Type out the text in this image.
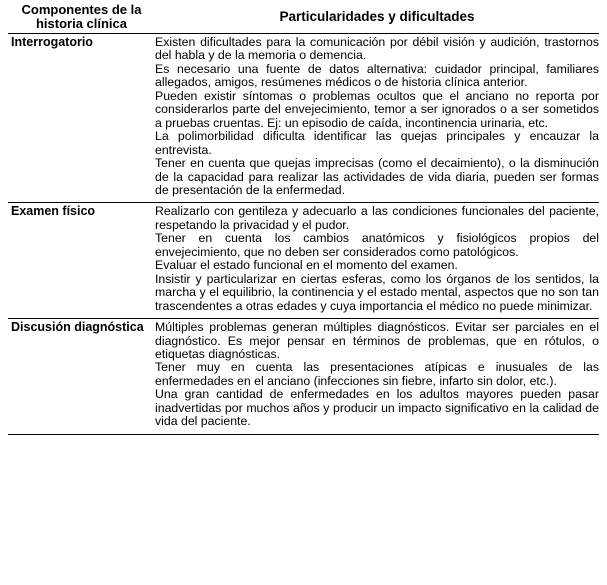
Componentes de la historia clínica	Particularidades y dificultades
Interrogatorio	Existen dificultades para la comunicación por débil visión y audición, trastornos del habla y de la memoria o demencia.

Es necesario una fuente de datos alternativa: cuidador principal, familiares allegados, amigos, resúmenes médicos o de historia clínica anterior.

Pueden existir síntomas o problemas ocultos que el anciano no reporta por considerarlos parte del envejecimiento, temor a ser ignorados o a ser sometidos a pruebas cruentas. Ej: un episodio de caída, incontinencia urinaria, etc.

La polimorbilidad dificulta identificar las quejas principales y encauzar la entrevista.

Tener en cuenta que quejas imprecisas (como el decaimiento), o la disminución de la capacidad para realizar las actividades de vida diaria, pueden ser formas de presentación de la enfermedad.

Examen físico	Realizarlo con gentileza y adecuarlo a las condiciones funcionales del paciente, respetando la privacidad y el pudor.

Tener en cuenta los cambios anatómicos y fisiológicos propios del envejecimiento, que no deben ser considerados como patológicos.

Evaluar el estado funcional en el momento del examen.

Insistir y particularizar en ciertas esferas, como los órganos de los sentidos, la marcha y el equilibrio, la continencia y el estado mental, aspectos que no son tan trascendentes a otras edades y cuya importancia el médico no puede minimizar.

Discusión diagnóstica	Múltiples problemas generan múltiples diagnósticos. Evitar ser parciales en el diagnóstico. Es mejor pensar en términos de problemas, que en rótulos, o etiquetas diagnósticas.

Tener muy en cuenta las presentaciones atípicas e inusuales de las enfermedades en el anciano (infecciones sin fiebre, infarto sin dolor, etc.).

Una gran cantidad de enfermedades en los adultos mayores pueden pasar inadvertidas por muchos años y producir un impacto significativo en la calidad de vida del paciente.
